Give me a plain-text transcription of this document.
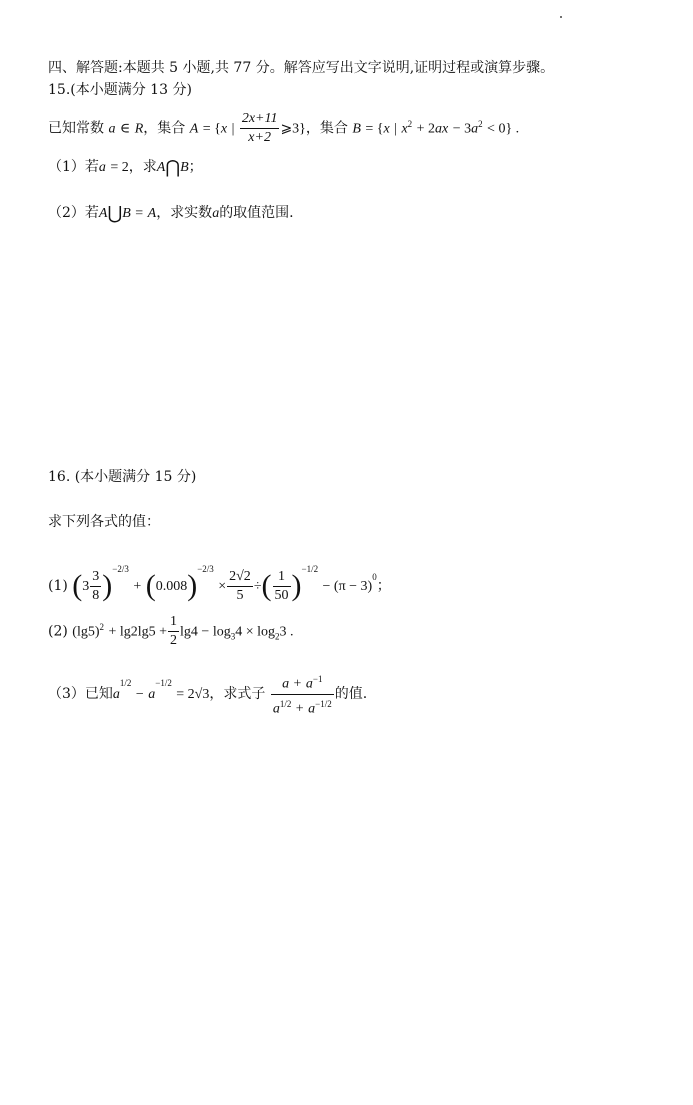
四、解答题:本题共 5 小题,共 77 分。解答应写出文字说明,证明过程或演算步骤。
15.(本小题满分 13 分)
已知常数 a ∈ R，集合 A = {x | $\frac{2x+11}{x+2}$ ⩾3}，集合 B = {x | $x^2 + 2ax - 3a^2 < 0$} .
（1）若a = 2，求A⋂B；
（2）若A⋃B = A，求实数a的取值范围.
16. (本小题满分 15 分)
求下列各式的值：
(1) $(3 \frac{3}{8} )^{-2/3} + (0.008)^{-2/3} \times \frac{2√2}{5}$ ÷( $\frac{1}{50} )^{-1/2} - (\pi - 3)^0$；
(2) $(\lg 5)^2 + \lg 2\lg 5 + \frac{1}{2} \lg 4 - \log_34 \times \log_23$ .
（3）已知$a^{1/2} - a^{-1/2} = 2√3$，求式子 $\frac{a + a^{-1}}{a^{1/2} + a^{-1/2}}$ 的值.
